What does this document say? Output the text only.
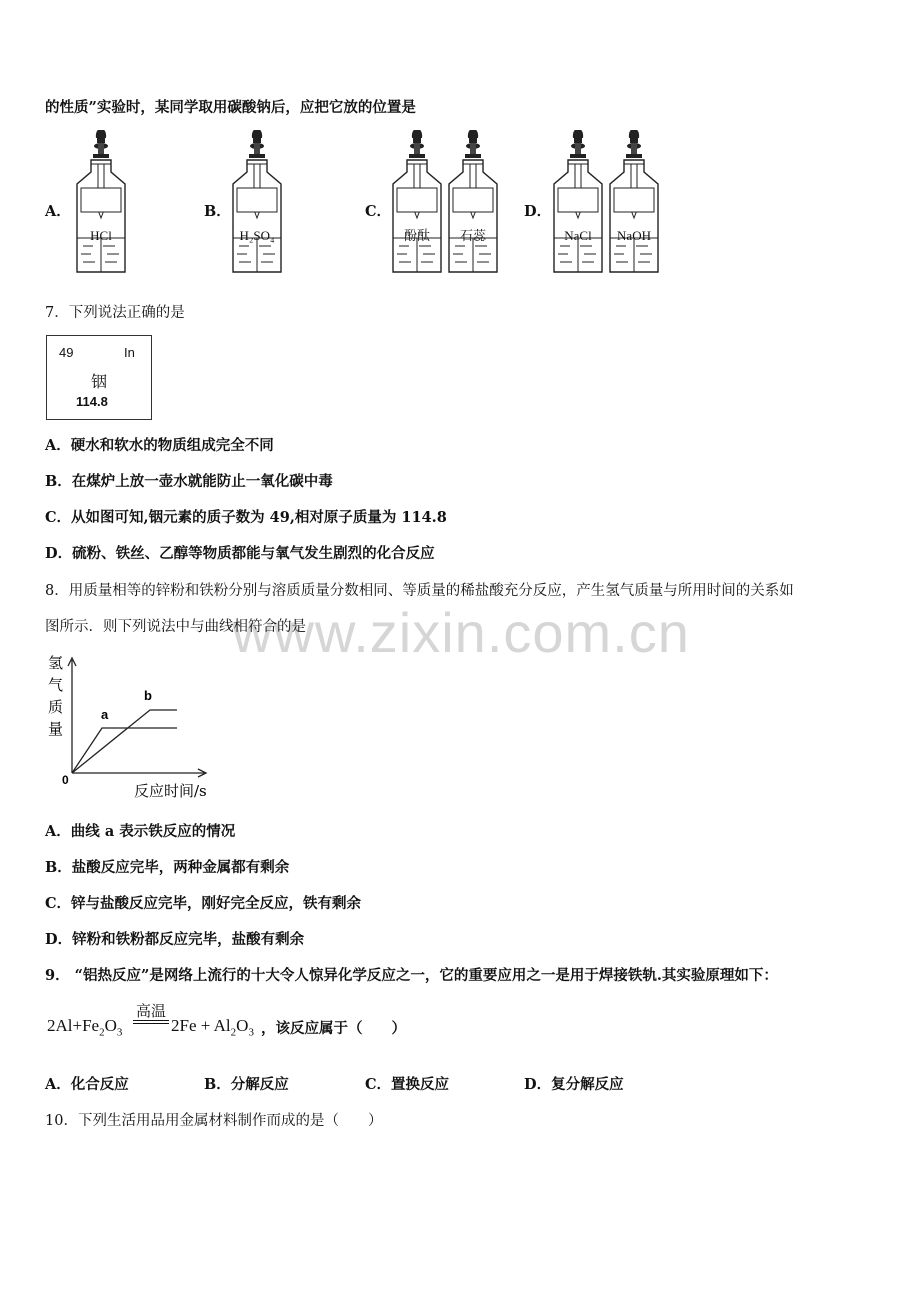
www.zixin.com.cn
的性质”实验时，某同学取用碳酸钠后，应把它放的位置是
A．	B．	C．	D．
HCl	H₂SO₄	酚酞 石蕊	NaCl NaOH
7．下列说法正确的是
49	In
铟
114.8
A．硬水和软水的物质组成完全不同
B．在煤炉上放一壶水就能防止一氧化碳中毒
C．从如图可知,铟元素的质子数为 49,相对原子质量为 114.8
D．硫粉、铁丝、乙醇等物质都能与氧气发生剧烈的化合反应
8．用质量相等的锌粉和铁粉分别与溶质质量分数相同、等质量的稀盐酸充分反应，产生氢气质量与所用时间的关系如
图所示．则下列说法中与曲线相符合的是
a
b
0
氢
气
质
量
反应时间/s
A．曲线 a 表示铁反应的情况
B．盐酸反应完毕，两种金属都有剩余
C．锌与盐酸反应完毕，刚好完全反应，铁有剩余
D．锌粉和铁粉都反应完毕，盐酸有剩余
9． “铝热反应”是网络上流行的十大令人惊异化学反应之一，它的重要应用之一是用于焊接铁轨.其实验原理如下：
$2Al+Fe_2O_3$
高温
$2Fe + Al_2O_3$ ，该反应属于（　　）
A．化合反应	B．分解反应	C．置换反应	D．复分解反应
10．下列生活用品用金属材料制作而成的是（　　）
